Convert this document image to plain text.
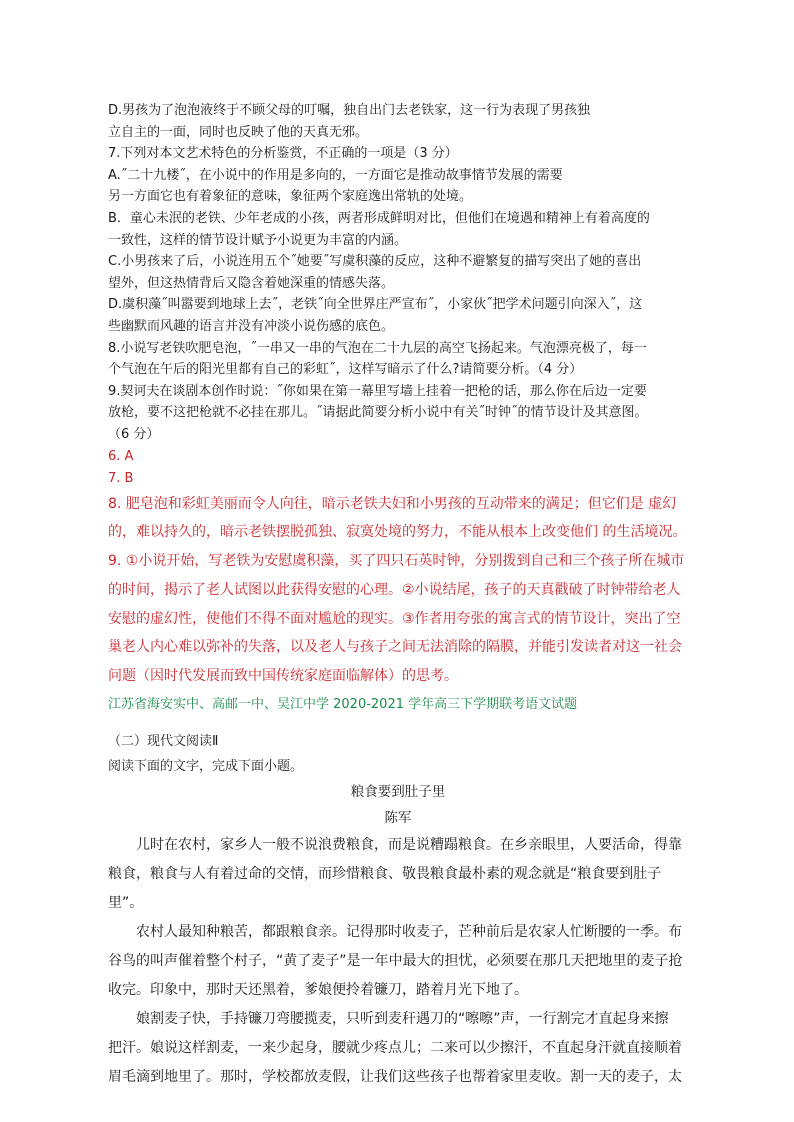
D.男孩为了泡泡液终于不顾父母的叮嘱，独自出门去老铁家，这一行为表现了男孩独
立自主的一面，同时也反映了他的天真无邪。
7.下列对本文艺术特色的分析鉴赏，不正确的一项是（3 分）
A.˝二十九楼˝，在小说中的作用是多向的，一方面它是推动故事情节发展的需要
另一方面它也有着象征的意味，象征两个家庭逸出常轨的处境。
B．童心未泯的老铁、少年老成的小孩，两者形成鲜明对比，但他们在境遇和精神上有着高度的
一致性，这样的情节设计赋予小说更为丰富的内涵。
C.小男孩来了后，小说连用五个˝她要˝写虞积藻的反应，这种不避繁复的描写突出了她的喜出
望外，但这热情背后又隐含着她深重的情感失落。
D.虞积藻˝叫嚣要到地球上去˝，老铁˝向全世界庄严宣布˝，小家伙˝把学术问题引向深入˝，这
些幽默而风趣的语言并没有冲淡小说伤感的底色。
8.小说写老铁吹肥皂泡，˝一串又一串的气泡在二十九层的高空飞扬起来。气泡漂亮极了，每一
个气泡在午后的阳光里都有自己的彩虹˝，这样写暗示了什么?请简要分析。（4 分）
9.契诃夫在谈剧本创作时说：˝你如果在第一幕里写墙上挂着一把枪的话，那么你在后边一定要
放枪，要不这把枪就不必挂在那儿。˝请据此简要分析小说中有关˝时钟˝的情节设计及其意图。
（6 分）
6. A
7. B
8. 肥皂泡和彩虹美丽而令人向往，暗示老铁夫妇和小男孩的互动带来的满足；但它们是 虚幻
的，难以持久的，暗示老铁摆脱孤独、寂寞处境的努力，不能从根本上改变他们 的生活境况。
9. ①小说开始，写老铁为安慰虞积藻，买了四只石英时钟，分别拨到自己和三个孩子所在城市
的时间，揭示了老人试图以此获得安慰的心理。②小说结尾，孩子的天真戳破了时钟带给老人
安慰的虚幻性，使他们不得不面对尴尬的现实。③作者用夸张的寓言式的情节设计，突出了空
巢老人内心难以弥补的失落，以及老人与孩子之间无法消除的隔膜，并能引发读者对这一社会
问题（因时代发展而致中国传统家庭面临解体）的思考。
江苏省海安实中、高邮一中、吴江中学 2020-2021 学年高三下学期联考语文试题
（二）现代文阅读Ⅱ
阅读下面的文字，完成下面小题。
粮食要到肚子里
陈军
儿时在农村，家乡人一般不说浪费粮食，而是说糟蹋粮食。在乡亲眼里，人要活命，得靠
粮食，粮食与人有着过命的交情，而珍惜粮食、敬畏粮食最朴素的观念就是“粮食要到肚子
里”。
农村人最知种粮苦，都跟粮食亲。记得那时收麦子，芒种前后是农家人忙断腰的一季。布
谷鸟的叫声催着整个村子，“黄了麦子”是一年中最大的担忧，必须要在那几天把地里的麦子抢
收完。印象中，那时天还黑着，爹娘便拎着镰刀，踏着月光下地了。
娘割麦子快，手持镰刀弯腰揽麦，只听到麦秆遇刀的“嚓嚓”声，一行割完才直起身来擦
把汗。娘说这样割麦，一来少起身，腰就少疼点儿；二来可以少擦汗，不直起身汗就直接顺着
眉毛滴到地里了。那时，学校都放麦假，让我们这些孩子也帮着家里麦收。割一天的麦子，太
